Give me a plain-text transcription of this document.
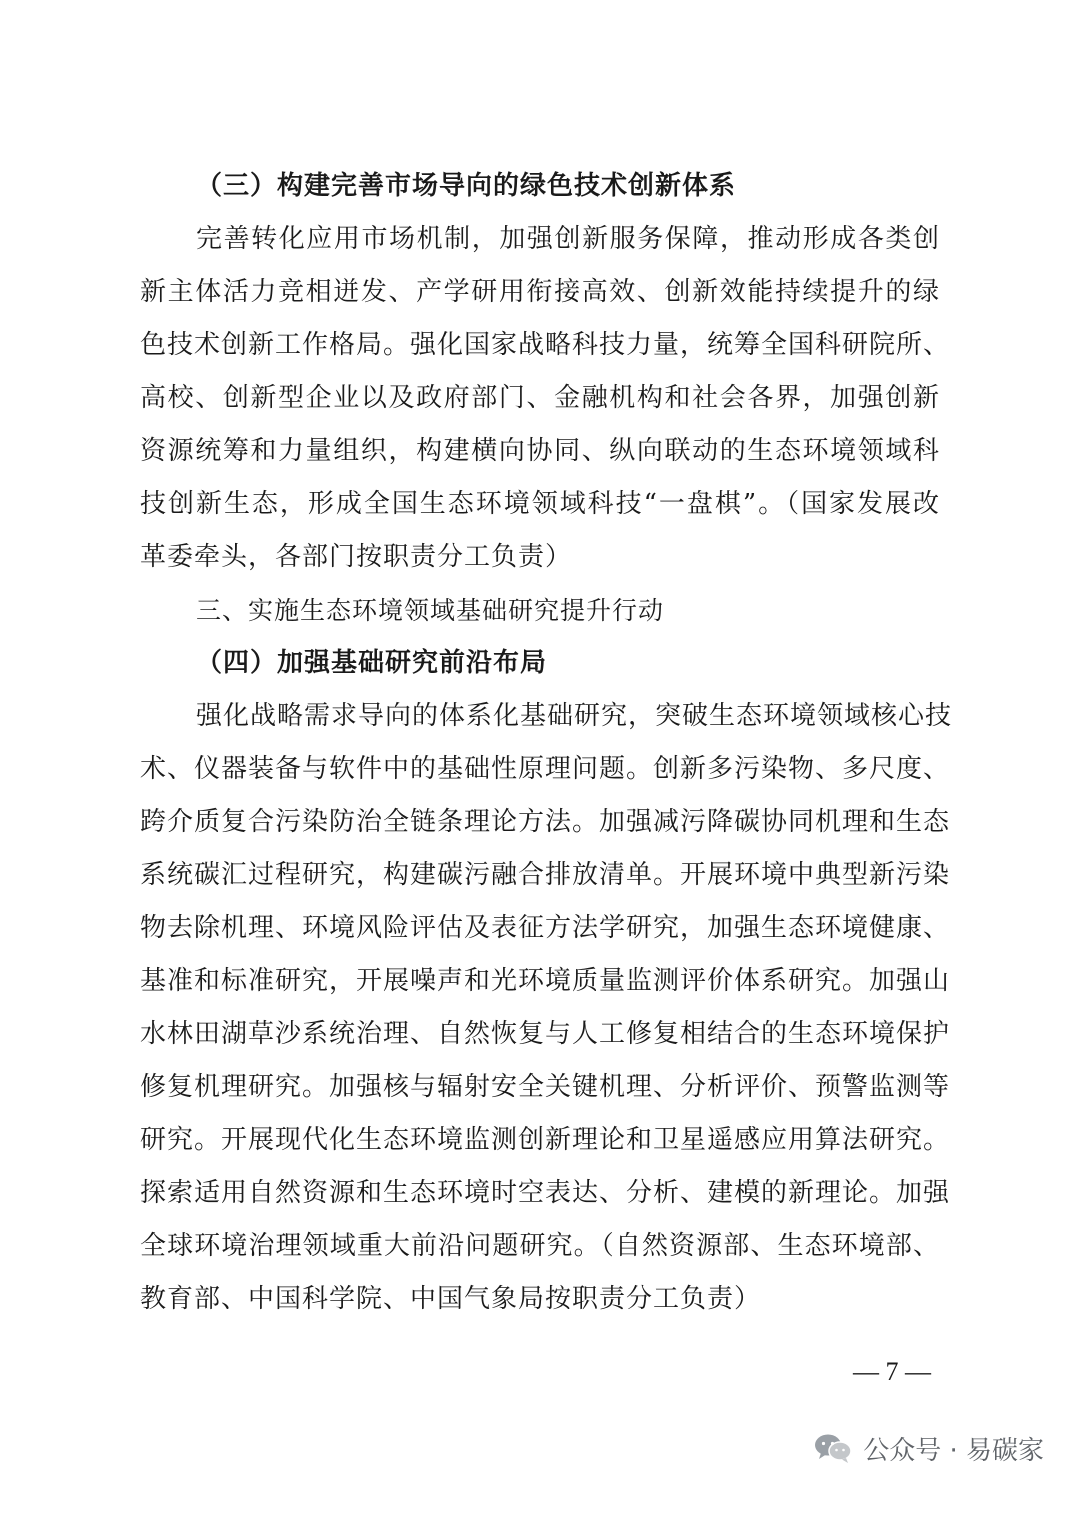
（三）构建完善市场导向的绿色技术创新体系
完善转化应用市场机制，加强创新服务保障，推动形成各类创
新主体活力竞相迸发、产学研用衔接高效、创新效能持续提升的绿
色技术创新工作格局。强化国家战略科技力量，统筹全国科研院所、
高校、创新型企业以及政府部门、金融机构和社会各界，加强创新
资源统筹和力量组织，构建横向协同、纵向联动的生态环境领域科
技创新生态，形成全国生态环境领域科技“一盘棋”。（国家发展改
革委牵头，各部门按职责分工负责）
三、实施生态环境领域基础研究提升行动
（四）加强基础研究前沿布局
强化战略需求导向的体系化基础研究，突破生态环境领域核心技
术、仪器装备与软件中的基础性原理问题。创新多污染物、多尺度、
跨介质复合污染防治全链条理论方法。加强减污降碳协同机理和生态
系统碳汇过程研究，构建碳污融合排放清单。开展环境中典型新污染
物去除机理、环境风险评估及表征方法学研究，加强生态环境健康、
基准和标准研究，开展噪声和光环境质量监测评价体系研究。加强山
水林田湖草沙系统治理、自然恢复与人工修复相结合的生态环境保护
修复机理研究。加强核与辐射安全关键机理、分析评价、预警监测等
研究。开展现代化生态环境监测创新理论和卫星遥感应用算法研究。
探索适用自然资源和生态环境时空表达、分析、建模的新理论。加强
全球环境治理领域重大前沿问题研究。（自然资源部、生态环境部、
教育部、中国科学院、中国气象局按职责分工负责）
— 7 —
公众号 · 易碳家
